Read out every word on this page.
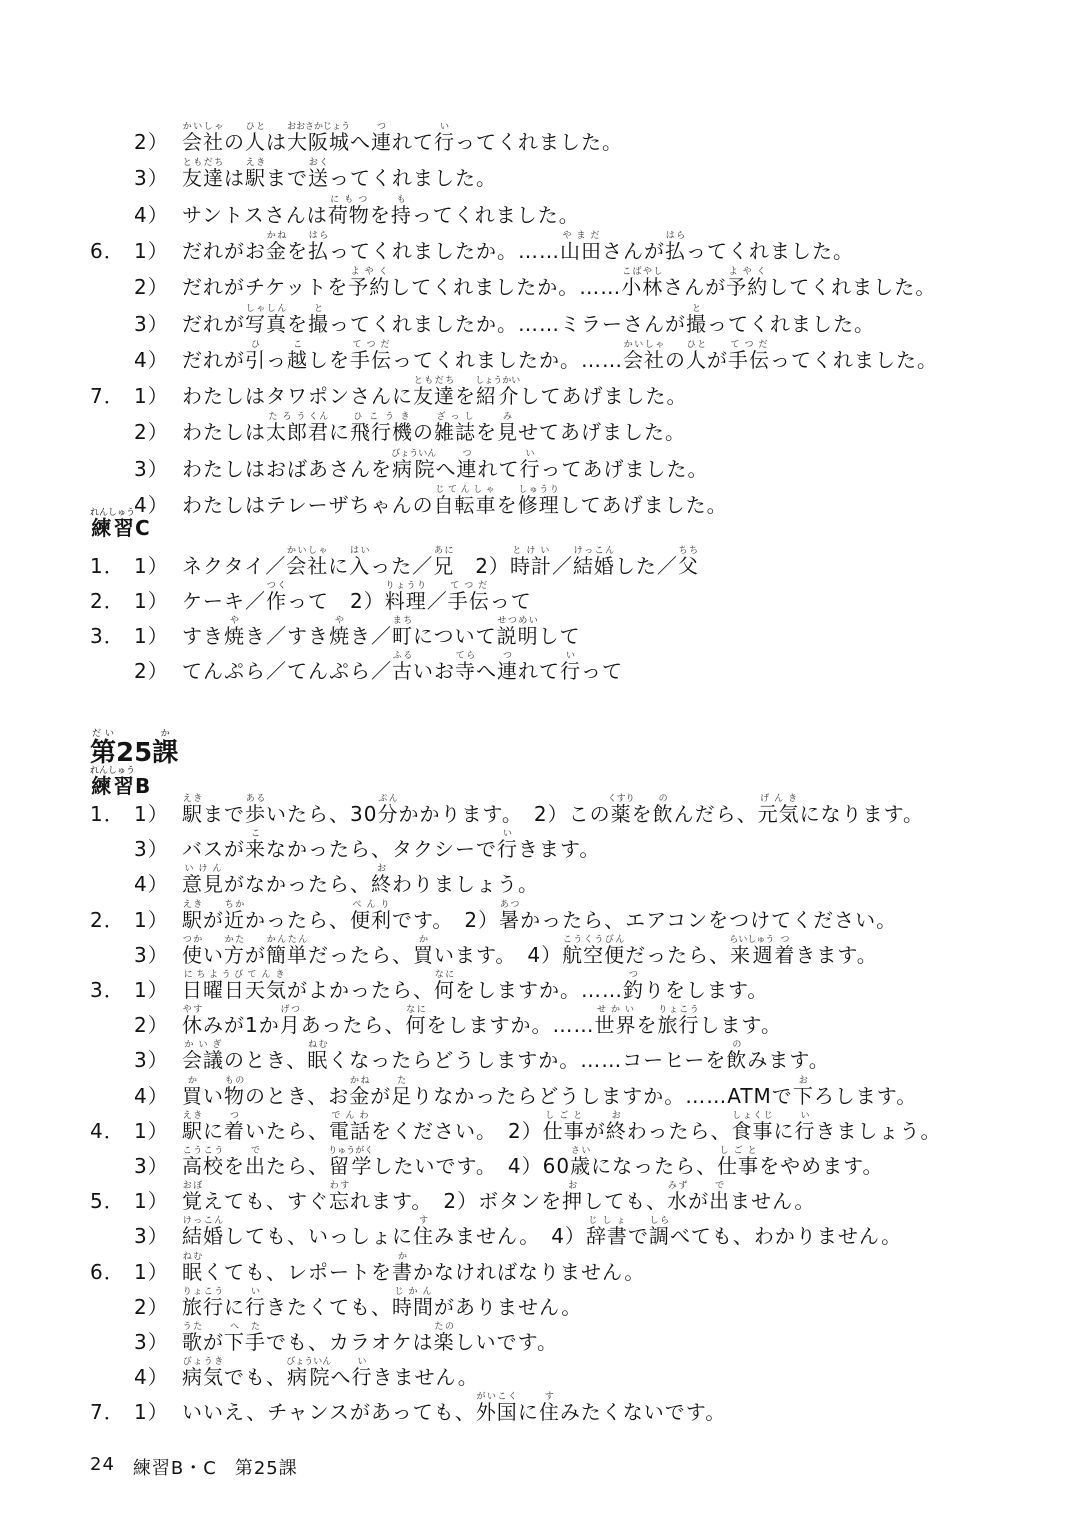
2） 会社かいしゃの人ひとは大阪城おおさかじょうへ連つれて行いってくれました。
3） 友達ともだちは駅えきまで送おくってくれました。
4） サントスさんは荷物にもつを持もってくれました。
6． 1） だれがお金かねを払はらってくれましたか。……山田やまださんが払はらってくれました。
2） だれがチケットを予約よやくしてくれましたか。……小林こばやしさんが予約よやくしてくれました。
3） だれが写真しゃしんを撮とってくれましたか。……ミラーさんが撮とってくれました。
4） だれが引ひっ越こしを手伝てつだってくれましたか。……会社かいしゃの人ひとが手伝てつだってくれました。
7． 1） わたしはタワポンさんに友達ともだちを紹介しょうかいしてあげました。
2） わたしは太郎たろう君くんに飛行機ひこうきの雑誌ざっしを見みせてあげました。
3） わたしはおばあさんを病院びょういんへ連つれて行いってあげました。
4） わたしはテレーザちゃんの自転車じてんしゃを修理しゅうりしてあげました。
練習れんしゅう
C
1． 1） ネクタイ／会社かいしゃに入はいった／兄あに　2）時計とけい／結婚けっこんした／父ちち
2． 1） ケーキ／作つくって　2）料理りょうり／手伝てつだって
3． 1） すき焼やき／すき焼やき／町まちについて説明せつめいして
2） てんぷら／てんぷら／古ふるいお寺てらへ連つれて行いって
第だい
25 課か
練習れんしゅう
B
1． 1） 駅えきまで歩あるいたら、30分ぷんかかります。　2）この薬くすりを飲のんだら、元気げんきになります。
3） バスが来こなかったら、タクシーで行いきます。
4） 意見いけんがなかったら、終おわりましょう。
2． 1） 駅えきが近ちかかったら、便利べんりです。　2）暑あつかったら、エアコンをつけてください。
3） 使つかい方かたが簡単かんたんだったら、買かいます。　4）航空便こうくうびんだったら、来週らいしゅう着つきます。
3． 1） 日曜日にちようび天気てんきがよかったら、何なにをしますか。……釣つりをします。
2） 休やすみが1か月げつあったら、何なにをしますか。……世界せかいを旅行りょこうします。
3） 会議かいぎのとき、眠ねむくなったらどうしますか。……コーヒーを飲のみます。
4） 買かい物もののとき、お金かねが足たりなかったらどうしますか。……ATMで下おろします。
4． 1） 駅えきに着ついたら、電話でんわをください。　2）仕事しごとが終おわったら、食事しょくじに行いきましょう。
3） 高校こうこうを出でたら、留学りゅうがくしたいです。　4）60歳さいになったら、仕事しごとをやめます。
5． 1） 覚おぼえても、すぐ忘わすれます。　2）ボタンを押おしても、水みずが出でません。
3） 結婚けっこんしても、いっしょに住すみません。　4）辞書じしょで調しらべても、わかりません。
6． 1） 眠ねむくても、レポートを書かかなければなりません。
2） 旅行りょこうに行いきたくても、時間じかんがありません。
3） 歌うたが下手へたでも、カラオケは楽たのしいです。
4） 病気びょうきでも、病院びょういんへ行いきません。
7． 1） いいえ、チャンスがあっても、外国がいこくに住すみたくないです。
24 練習B・C 第25課
